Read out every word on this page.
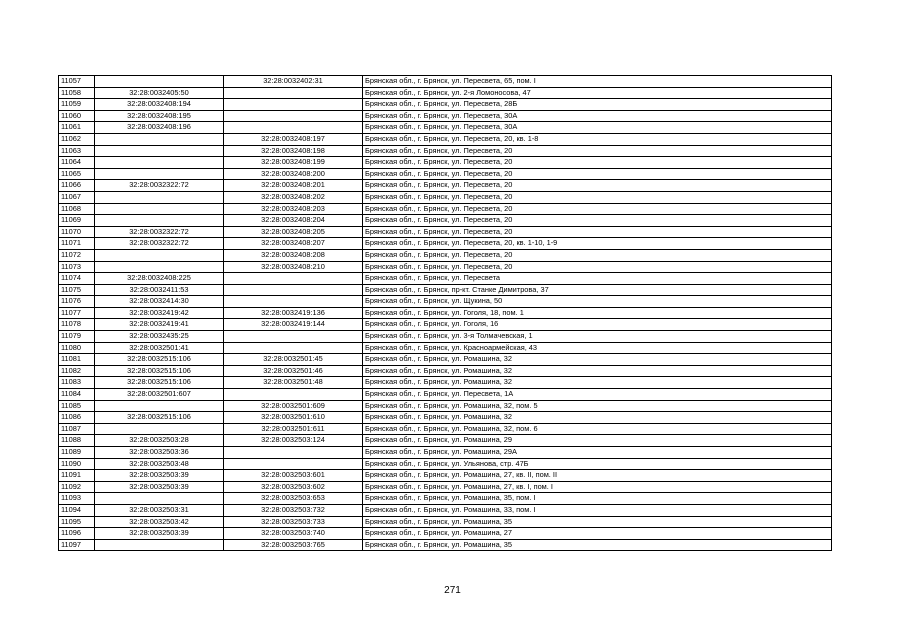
11057		32:28:0032402:31	Брянская обл., г. Брянск, ул. Пересвета, 65, пом. I
11058	32:28:0032405:50		Брянская обл., г. Брянск, ул. 2-я Ломоносова, 47
11059	32:28:0032408:194		Брянская обл., г. Брянск, ул. Пересвета, 28Б
11060	32:28:0032408:195		Брянская обл., г. Брянск, ул. Пересвета, 30А
11061	32:28:0032408:196		Брянская обл., г. Брянск, ул. Пересвета, 30А
11062		32:28:0032408:197	Брянская обл., г. Брянск, ул. Пересвета, 20, кв. 1-8
11063		32:28:0032408:198	Брянская обл., г. Брянск, ул. Пересвета, 20
11064		32:28:0032408:199	Брянская обл., г. Брянск, ул. Пересвета, 20
11065		32:28:0032408:200	Брянская обл., г. Брянск, ул. Пересвета, 20
11066	32:28:0032322:72	32:28:0032408:201	Брянская обл., г. Брянск, ул. Пересвета, 20
11067		32:28:0032408:202	Брянская обл., г. Брянск, ул. Пересвета, 20
11068		32:28:0032408:203	Брянская обл., г. Брянск, ул. Пересвета, 20
11069		32:28:0032408:204	Брянская обл., г. Брянск, ул. Пересвета, 20
11070	32:28:0032322:72	32:28:0032408:205	Брянская обл., г. Брянск, ул. Пересвета, 20
11071	32:28:0032322:72	32:28:0032408:207	Брянская обл., г. Брянск, ул. Пересвета, 20, кв. 1-10, 1-9
11072		32:28:0032408:208	Брянская обл., г. Брянск, ул. Пересвета, 20
11073		32:28:0032408:210	Брянская обл., г. Брянск, ул. Пересвета, 20
11074	32:28:0032408:225		Брянская обл., г. Брянск, ул. Пересвета
11075	32:28:0032411:53		Брянская обл., г. Брянск, пр-кт. Станке Димитрова, 37
11076	32:28:0032414:30		Брянская обл., г. Брянск, ул. Щукина, 50
11077	32:28:0032419:42	32:28:0032419:136	Брянская обл., г. Брянск, ул. Гоголя, 18, пом. 1
11078	32:28:0032419:41	32:28:0032419:144	Брянская обл., г. Брянск, ул. Гоголя, 16
11079	32:28:0032435:25		Брянская обл., г. Брянск, ул. 3-я Толмачевская, 1
11080	32:28:0032501:41		Брянская обл., г. Брянск, ул. Красноармейская, 43
11081	32:28:0032515:106	32:28:0032501:45	Брянская обл., г. Брянск, ул. Ромашина, 32
11082	32:28:0032515:106	32:28:0032501:46	Брянская обл., г. Брянск, ул. Ромашина, 32
11083	32:28:0032515:106	32:28:0032501:48	Брянская обл., г. Брянск, ул. Ромашина, 32
11084	32:28:0032501:607		Брянская обл., г. Брянск, ул. Пересвета, 1А
11085		32:28:0032501:609	Брянская обл., г. Брянск, ул. Ромашина, 32, пом. 5
11086	32:28:0032515:106	32:28:0032501:610	Брянская обл., г. Брянск, ул. Ромашина, 32
11087		32:28:0032501:611	Брянская обл., г. Брянск, ул. Ромашина, 32, пом. 6
11088	32:28:0032503:28	32:28:0032503:124	Брянская обл., г. Брянск, ул. Ромашина, 29
11089	32:28:0032503:36		Брянская обл., г. Брянск, ул. Ромашина, 29А
11090	32:28:0032503:48		Брянская обл., г. Брянск, ул. Ульянова, стр. 47Б
11091	32:28:0032503:39	32:28:0032503:601	Брянская обл., г. Брянск, ул. Ромашина, 27, кв. II, пом. II
11092	32:28:0032503:39	32:28:0032503:602	Брянская обл., г. Брянск, ул. Ромашина, 27, кв. I, пом. I
11093		32:28:0032503:653	Брянская обл., г. Брянск, ул. Ромашина, 35, пом. I
11094	32:28:0032503:31	32:28:0032503:732	Брянская обл., г. Брянск, ул. Ромашина, 33, пом. I
11095	32:28:0032503:42	32:28:0032503:733	Брянская обл., г. Брянск, ул. Ромашина, 35
11096	32:28:0032503:39	32:28:0032503:740	Брянская обл., г. Брянск, ул. Ромашина, 27
11097		32:28:0032503:765	Брянская обл., г. Брянск, ул. Ромашина, 35
271
